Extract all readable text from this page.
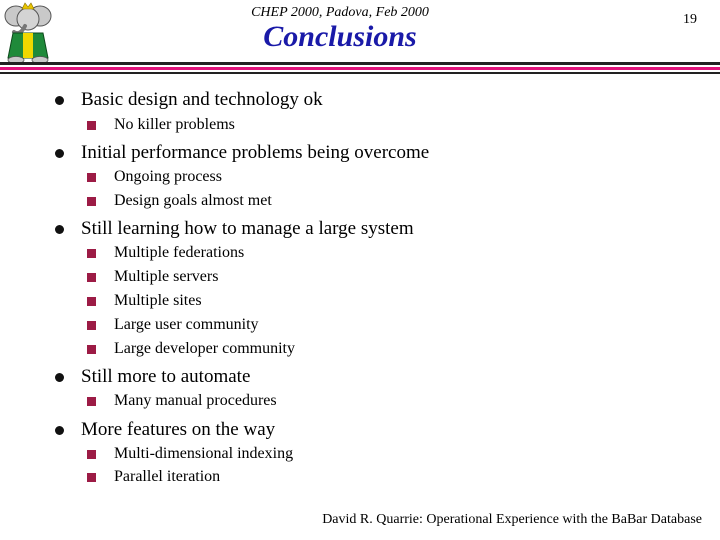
CHEP 2000, Padova, Feb 2000
Conclusions
19
Basic design and technology ok
No killer problems
Initial performance problems being overcome
Ongoing process
Design goals almost met
Still learning how to manage a large system
Multiple federations
Multiple servers
Multiple sites
Large user community
Large developer community
Still more to automate
Many manual procedures
More features on the way
Multi-dimensional indexing
Parallel iteration
David R. Quarrie: Operational Experience with the BaBar Database
